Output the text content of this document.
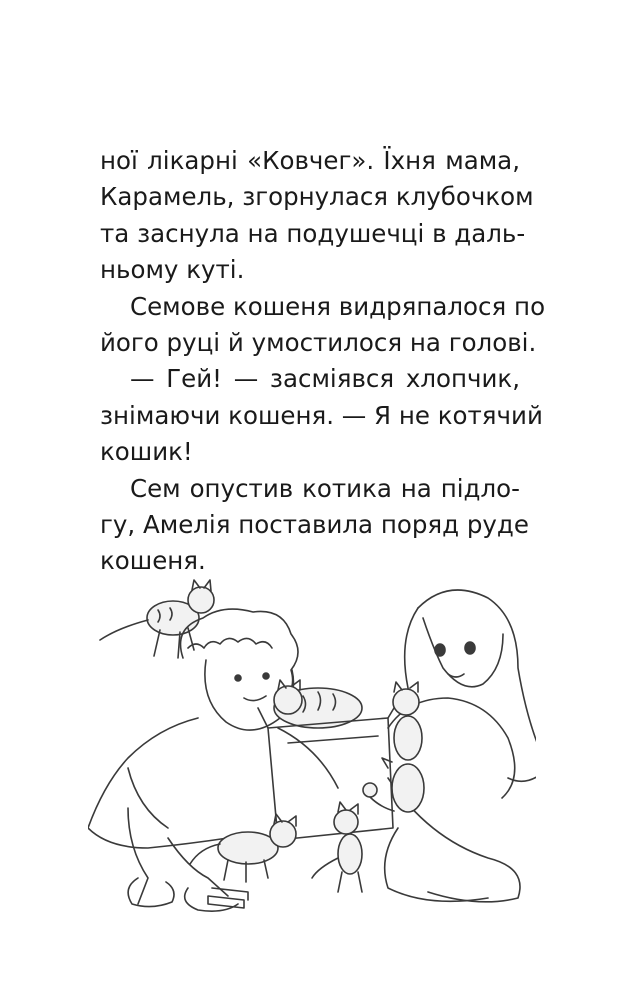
ної лікарні «Ковчег». Їхня мама,
Карамель, згорнулася клубочком
та заснула на подушечці в даль-
ньому куті.
Семове кошеня видряпалося по
його руці й умостилося на голові.
— Гей! — засміявся хлопчик,
знімаючи кошеня. — Я не котячий
кошик!
Сем опустив котика на підло-
гу, Амелія поставила поряд руде
кошеня.
